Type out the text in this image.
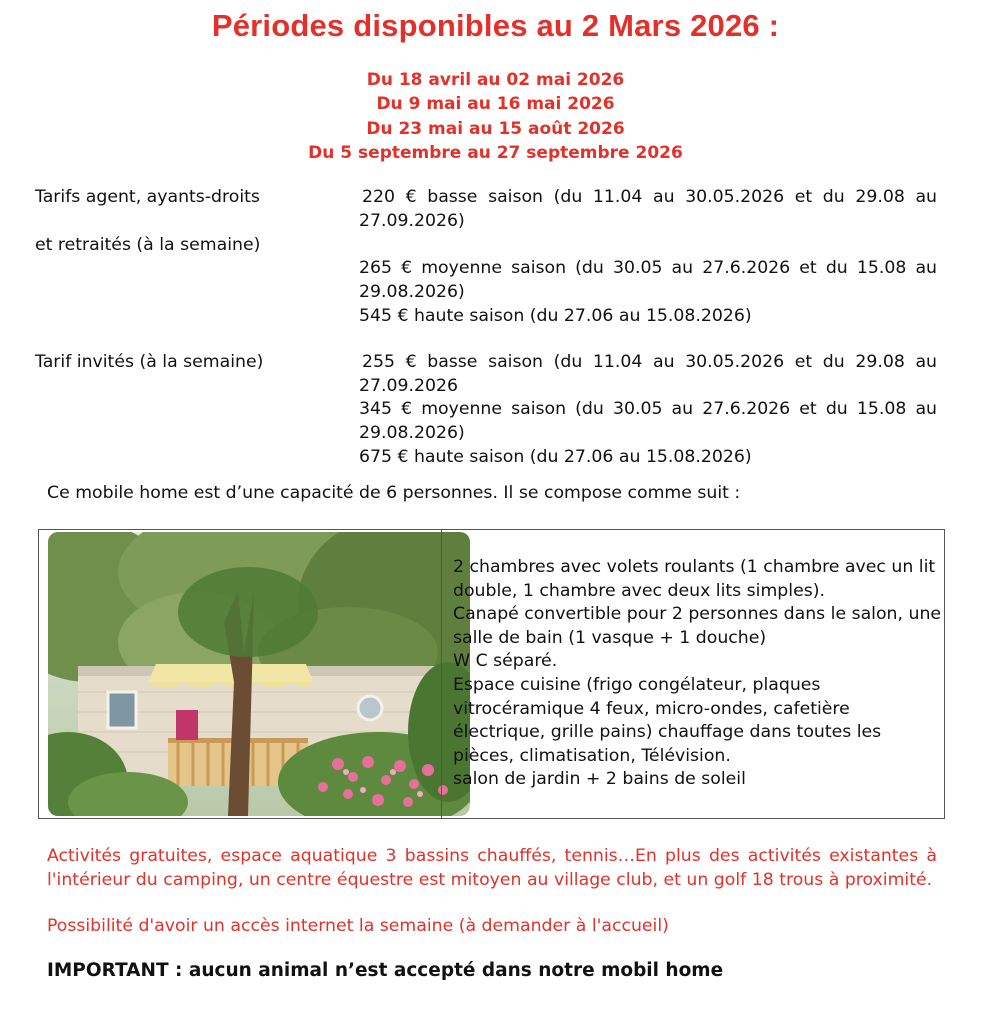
Périodes disponibles au 2 Mars 2026 :
Du 18 avril au 02 mai 2026
Du 9 mai au 16 mai 2026
Du 23 mai au 15 août 2026
Du 5 septembre au 27 septembre 2026
Tarifs agent, ayants-droits
et retraités (à la semaine)
220 € basse saison (du 11.04 au 30.05.2026 et du 29.08 au 27.09.2026)
265 € moyenne saison (du 30.05 au 27.6.2026 et du 15.08 au 29.08.2026)
545 € haute saison (du 27.06 au 15.08.2026)
Tarif invités (à la semaine)	255 € basse saison (du 11.04 au 30.05.2026 et du 29.08 au 27.09.2026
345 € moyenne saison (du 30.05 au 27.6.2026 et du 15.08 au 29.08.2026)
675 € haute saison (du 27.06 au 15.08.2026)
Ce mobile home est d’une capacité de 6 personnes. Il se compose comme suit :
2 chambres avec volets roulants (1 chambre avec un lit double, 1 chambre avec deux lits simples).
Canapé convertible pour 2 personnes dans le salon, une salle de bain (1 vasque + 1 douche)
W C séparé.
Espace cuisine (frigo congélateur, plaques vitrocéramique 4 feux, micro-ondes, cafetière électrique, grille pains) chauffage dans toutes les pièces, climatisation, Télévision.
salon de jardin + 2 bains de soleil
Activités gratuites, espace aquatique 3 bassins chauffés, tennis…En plus des activités existantes à l'intérieur du camping, un centre équestre est mitoyen au village club, et un golf 18 trous à proximité.
Possibilité d'avoir un accès internet la semaine (à demander à l'accueil)
IMPORTANT : aucun animal n’est accepté dans notre mobil home
